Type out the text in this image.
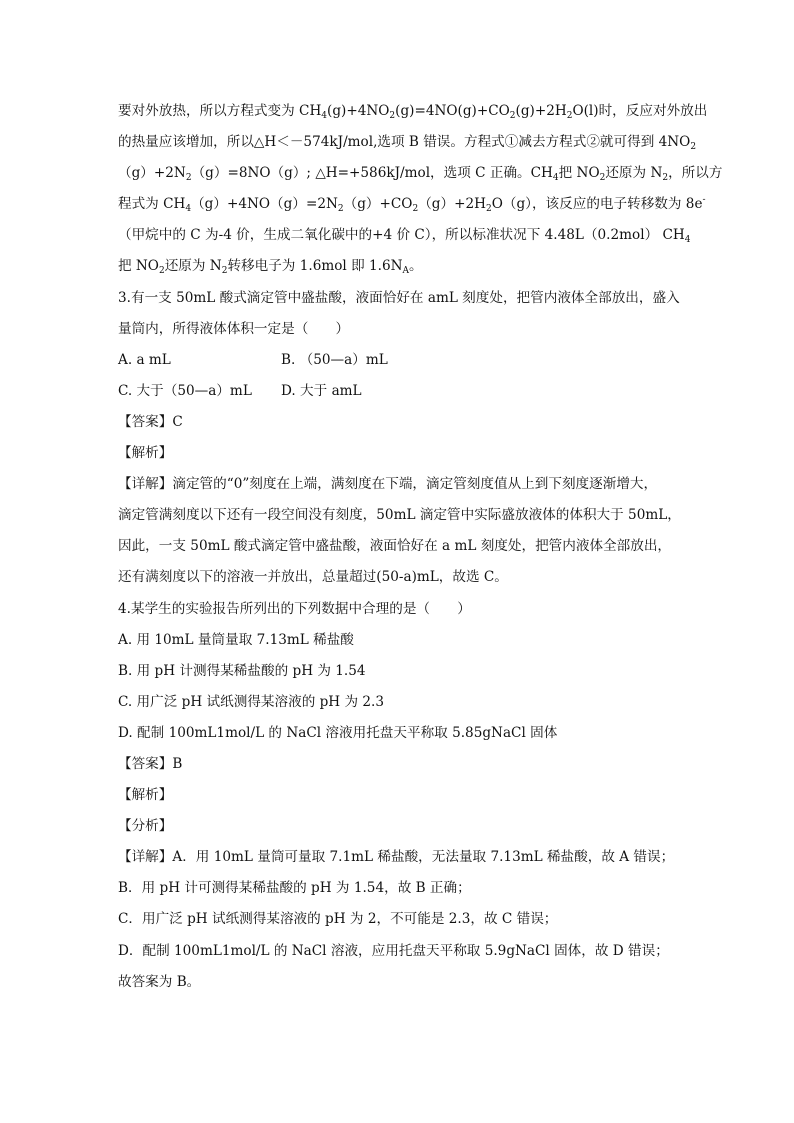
要对外放热，所以方程式变为 $CH_4(g)+4NO_2(g)=4NO(g)+CO_2(g)+2H_2O(l)$时，反应对外放出
的热量应该增加，所以△H＜－574kJ/mol,选项 B 错误。方程式①减去方程式②就可得到 $4NO_2$
$(g)+2N_2(g)=8NO(g)$; △H=+586kJ/mol，选项 C 正确。$CH_4$把 $NO_2$还原为 $N_2$，所以方
程式为 $CH_4(g)+4NO(g)=2N_2(g)+CO_2(g)+2H_2O(g)$，该反应的电子转移数为 8e-
（甲烷中的 C 为-4 价，生成二氧化碳中的+4 价 C），所以标准状况下 4.48L（0.2mol） $CH_4$
把 $NO_2$还原为 $N_2$转移电子为 1.6mol 即 $1.6N_A$。
3.有一支 50mL 酸式滴定管中盛盐酸，液面恰好在 amL 刻度处，把管内液体全部放出，盛入
量筒内，所得液体体积一定是（　　）
A. a mL	B. （50—a）mL
C. 大于（50—a）mL	D. 大于 amL
【答案】C
【解析】
【详解】滴定管的“0”刻度在上端，满刻度在下端，滴定管刻度值从上到下刻度逐渐增大，
滴定管满刻度以下还有一段空间没有刻度，50mL 滴定管中实际盛放液体的体积大于 50mL，
因此，一支 50mL 酸式滴定管中盛盐酸，液面恰好在 a mL 刻度处，把管内液体全部放出，
还有满刻度以下的溶液一并放出，总量超过(50-a)mL，故选 C。
4.某学生的实验报告所列出的下列数据中合理的是（　　）
A. 用 10mL 量筒量取 7.13mL 稀盐酸
B. 用 pH 计测得某稀盐酸的 pH 为 1.54
C. 用广泛 pH 试纸测得某溶液的 pH 为 2.3
D. 配制 100mL1mol/L 的 NaCl 溶液用托盘天平称取 5.85gNaCl 固体
【答案】B
【解析】
【分析】
【详解】A．用 10mL 量筒可量取 7.1mL 稀盐酸，无法量取 7.13mL 稀盐酸，故 A 错误；
B．用 pH 计可测得某稀盐酸的 pH 为 1.54，故 B 正确；
C．用广泛 pH 试纸测得某溶液的 pH 为 2，不可能是 2.3，故 C 错误；
D．配制 100mL1mol/L 的 NaCl 溶液，应用托盘天平称取 5.9gNaCl 固体，故 D 错误；
故答案为 B。
